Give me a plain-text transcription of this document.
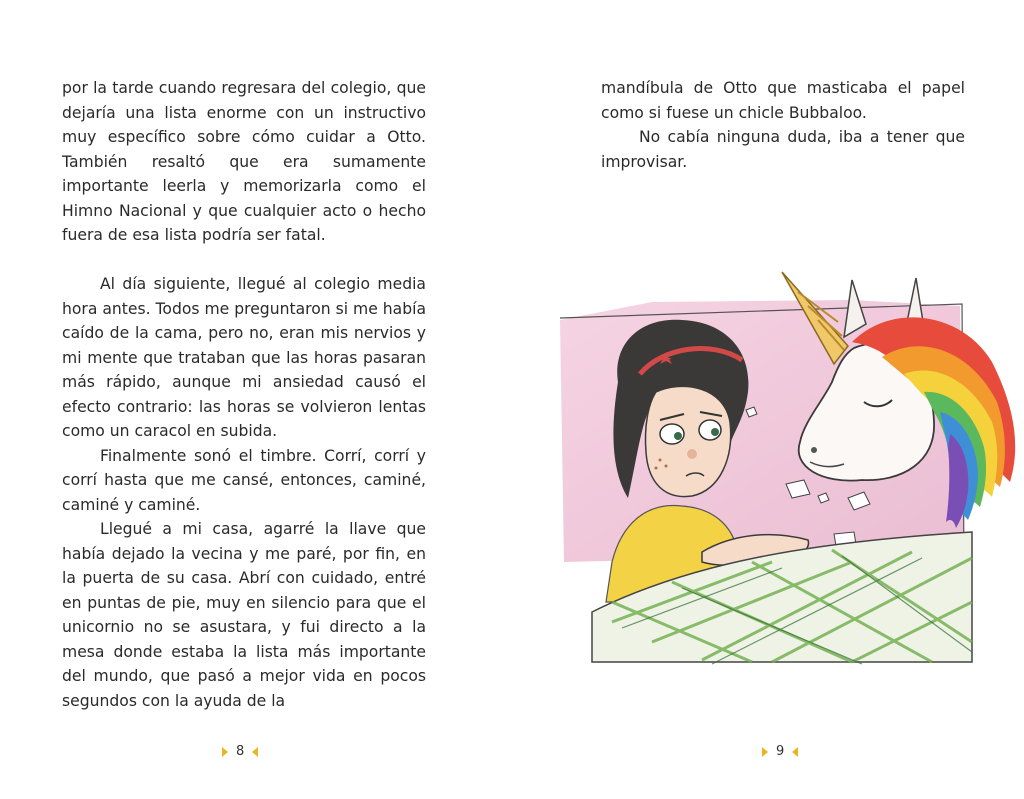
por la tarde cuando regresara del colegio, que dejaría una lista enorme con un instructivo muy específico sobre cómo cuidar a Otto. También resaltó que era sumamente importante leerla y memorizarla como el Himno Nacional y que cualquier acto o hecho fuera de esa lista podría ser fatal.

Al día siguiente, llegué al colegio media hora antes. Todos me preguntaron si me había caído de la cama, pero no, eran mis nervios y mi mente que trataban que las horas pasaran más rápido, aunque mi ansiedad causó el efecto contrario: las horas se volvieron lentas como un caracol en subida.

Finalmente sonó el timbre. Corrí, corrí y corrí hasta que me cansé, entonces, caminé, caminé y caminé.

Llegué a mi casa, agarré la llave que había dejado la vecina y me paré, por fin, en la puerta de su casa. Abrí con cuidado, entré en puntas de pie, muy en silencio para que el unicornio no se asustara, y fui directo a la mesa donde estaba la lista más importante del mundo, que pasó a mejor vida en pocos segundos con la ayuda de la

8

mandíbula de Otto que masticaba el papel como si fuese un chicle Bubbaloo.

No cabía ninguna duda, iba a tener que improvisar.

9
